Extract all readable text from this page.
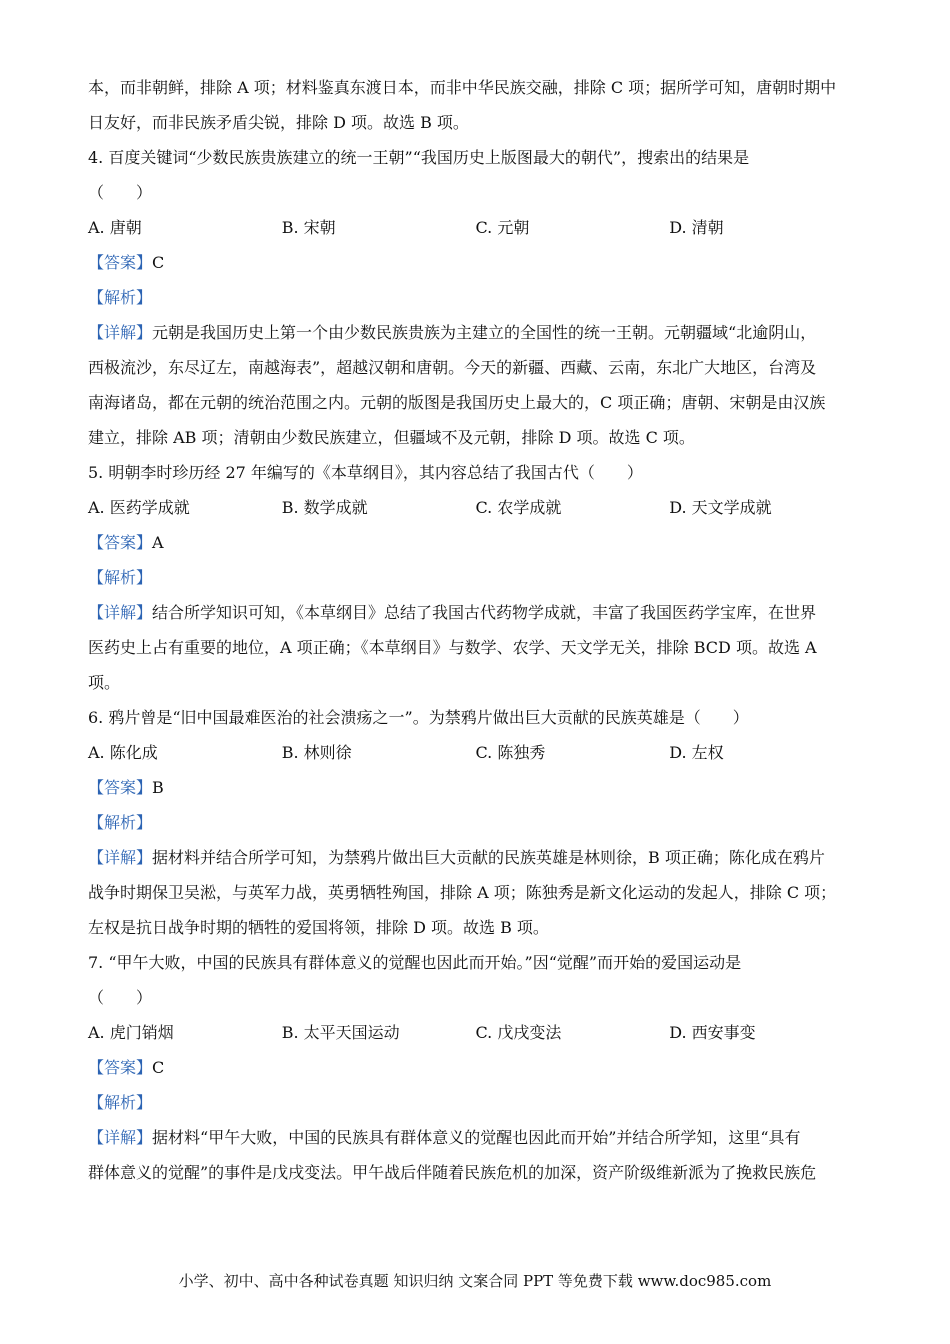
本，而非朝鲜，排除 A 项；材料鉴真东渡日本，而非中华民族交融，排除 C 项；据所学可知，唐朝时期中

日友好，而非民族矛盾尖锐，排除 D 项。故选 B 项。

4. 百度关键词“少数民族贵族建立的统一王朝”“我国历史上版图最大的朝代”，搜索出的结果是

（　　）

A. 唐朝	B. 宋朝	C. 元朝	D. 清朝

【答案】C

【解析】

【详解】元朝是我国历史上第一个由少数民族贵族为主建立的全国性的统一王朝。元朝疆域“北逾阴山，

西极流沙，东尽辽左，南越海表”，超越汉朝和唐朝。今天的新疆、西藏、云南，东北广大地区，台湾及

南海诸岛，都在元朝的统治范围之内。元朝的版图是我国历史上最大的，C 项正确；唐朝、宋朝是由汉族

建立，排除 AB 项；清朝由少数民族建立，但疆域不及元朝，排除 D 项。故选 C 项。

5. 明朝李时珍历经 27 年编写的《本草纲目》，其内容总结了我国古代（　　）

A. 医药学成就	B. 数学成就	C. 农学成就	D. 天文学成就

【答案】A

【解析】

【详解】结合所学知识可知，《本草纲目》总结了我国古代药物学成就，丰富了我国医药学宝库，在世界

医药史上占有重要的地位，A 项正确；《本草纲目》与数学、农学、天文学无关，排除 BCD 项。故选 A

项。

6. 鸦片曾是“旧中国最难医治的社会溃疡之一”。为禁鸦片做出巨大贡献的民族英雄是（　　）

A. 陈化成	B. 林则徐	C. 陈独秀	D. 左权

【答案】B

【解析】

【详解】据材料并结合所学可知，为禁鸦片做出巨大贡献的民族英雄是林则徐，B 项正确；陈化成在鸦片

战争时期保卫吴淞，与英军力战，英勇牺牲殉国，排除 A 项；陈独秀是新文化运动的发起人，排除 C 项；

左权是抗日战争时期的牺牲的爱国将领，排除 D 项。故选 B 项。

7. “甲午大败，中国的民族具有群体意义的觉醒也因此而开始。”因“觉醒”而开始的爱国运动是

（　　）

A. 虎门销烟	B. 太平天国运动	C. 戊戌变法	D. 西安事变

【答案】C

【解析】

【详解】据材料“甲午大败，中国的民族具有群体意义的觉醒也因此而开始”并结合所学知，这里“具有

群体意义的觉醒”的事件是戊戌变法。甲午战后伴随着民族危机的加深，资产阶级维新派为了挽救民族危

小学、初中、高中各种试卷真题 知识归纳 文案合同 PPT 等免费下载 www.doc985.com
